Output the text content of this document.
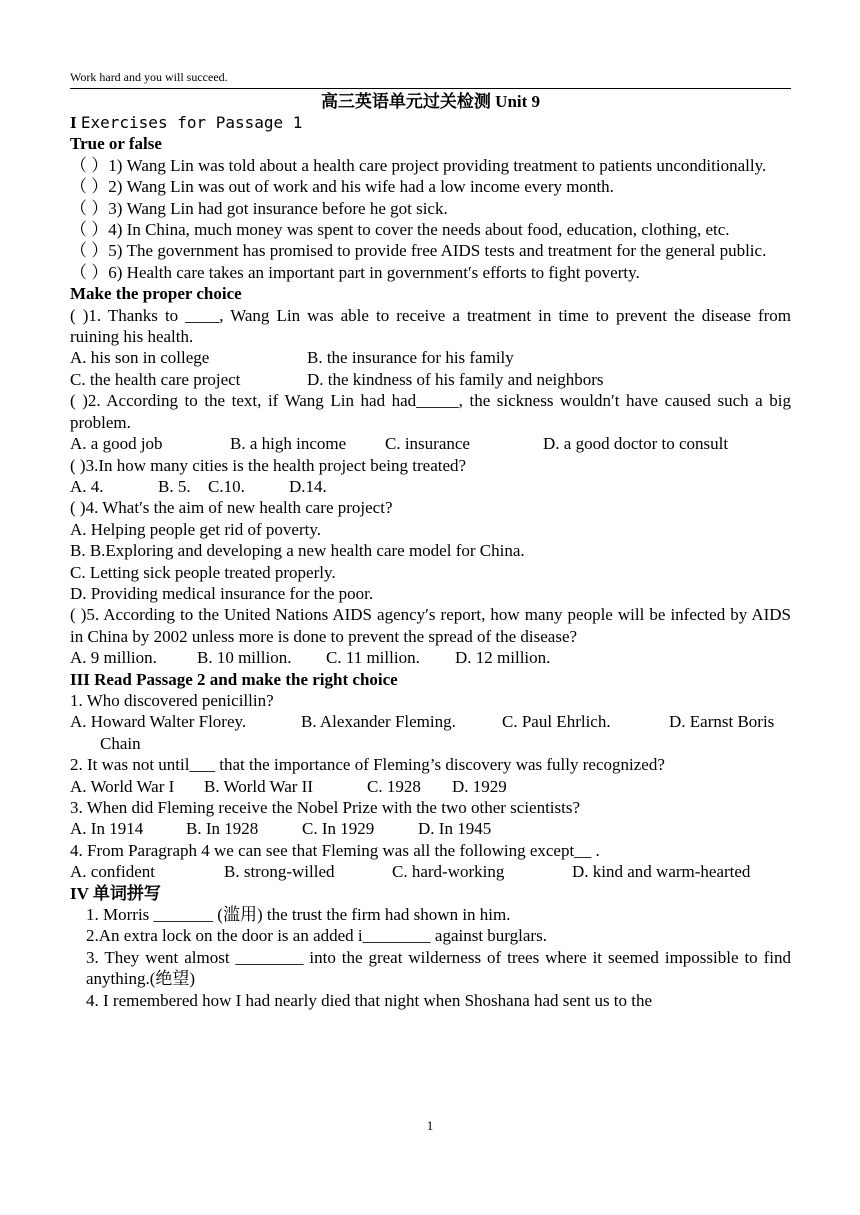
Work hard and you will succeed.
高三英语单元过关检测 Unit 9
I Exercises for Passage 1
True or false
（ ）1) Wang Lin was told about a health care project providing treatment to patients unconditionally.
（ ）2) Wang Lin was out of work and his wife had a low income every month.
（ ）3) Wang Lin had got insurance before he got sick.
（ ）4) In China, much money was spent to cover the needs about food, education, clothing, etc.
（ ）5) The government has promised to provide free AIDS tests and treatment for the general public.
（ ）6) Health care takes an important part in government′s efforts to fight poverty.
Make the proper choice
( )1. Thanks to ____, Wang Lin was able to receive a treatment in time to prevent the disease from ruining his health.
A. his son in college	B. the insurance for his family
C. the health care project	D. the kindness of his family and neighbors
( )2. According to the text, if Wang Lin had had_____, the sickness wouldn′t have caused such a big problem.
A. a good job	B. a high income	C. insurance	D. a good doctor to consult
( )3.In how many cities is the health project being treated?
A. 4.	B. 5.	C.10.	D.14.
( )4. What′s the aim of new health care project?
A. Helping people get rid of poverty.
B. B.Exploring and developing a new health care model for China.
C. Letting sick people treated properly.
D. Providing medical insurance for the poor.
( )5. According to the United Nations AIDS agency′s report, how many people will be infected by AIDS in China by 2002 unless more is done to prevent the spread of the disease?
A. 9 million.	B. 10 million.	C. 11 million.	D. 12 million.
III Read Passage 2 and make the right choice
1. Who discovered penicillin?
A. Howard Walter Florey.	B. Alexander Fleming.	C. Paul Ehrlich.	D. Earnst Boris
Chain
2. It was not until___ that the importance of Fleming’s discovery was fully recognized?
A. World War I	B. World War II	C. 1928	D. 1929
3. When did Fleming receive the Nobel Prize with the two other scientists?
A. In 1914	B. In 1928	C. In 1929	D. In 1945
4. From Paragraph 4 we can see that Fleming was all the following except__ .
A. confident	B. strong-willed	C. hard-working	D. kind and warm-hearted
IV 单词拼写
1. Morris _______ (滥用) the trust the firm had shown in him.
2.An extra lock on the door is an added i________ against burglars.
3. They went almost ________ into the great wilderness of trees where it seemed impossible to find anything.(绝望)
4. I remembered how I had nearly died that night when Shoshana had sent us to the
1
